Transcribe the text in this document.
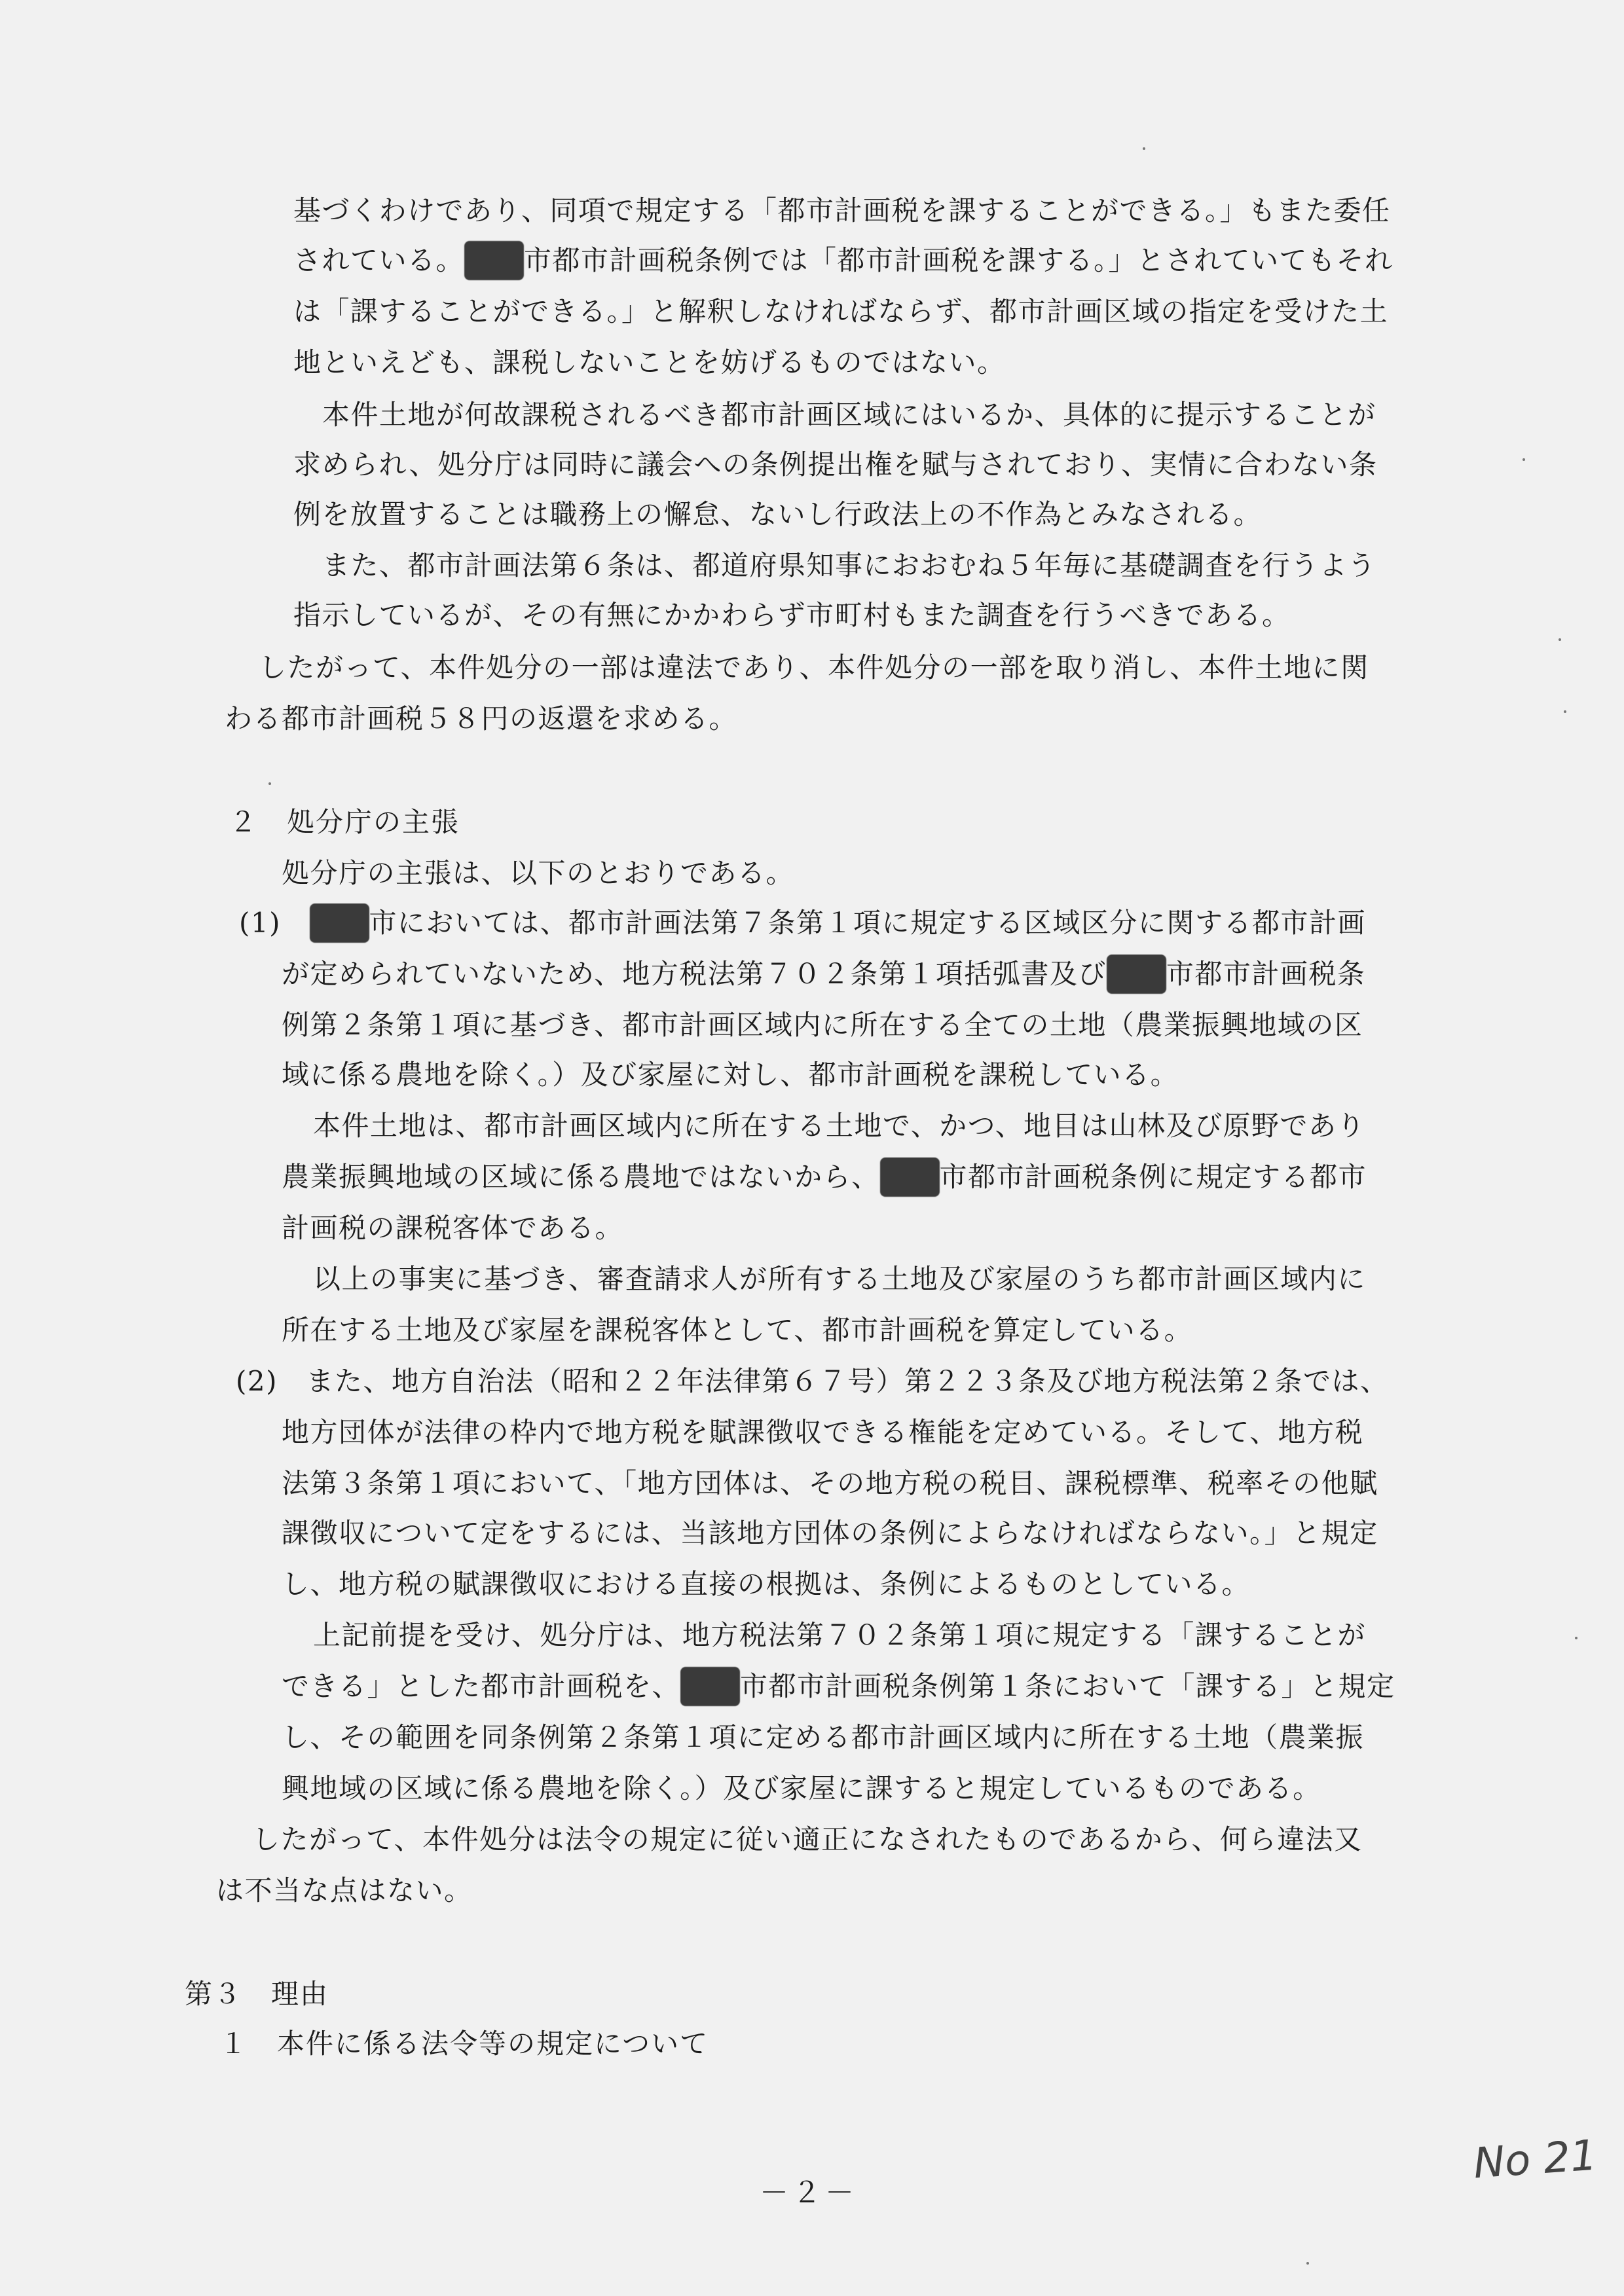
基づくわけであり、同項で規定する「都市計画税を課することができる。」もまた委任
されている。 市都市計画税条例では「都市計画税を課する。」とされていてもそれ
は「課することができる。」と解釈しなければならず、都市計画区域の指定を受けた土
地といえども、課税しないことを妨げるものではない。
本件土地が何故課税されるべき都市計画区域にはいるか、具体的に提示することが
求められ、処分庁は同時に議会への条例提出権を賦与されており、実情に合わない条
例を放置することは職務上の懈怠、ないし行政法上の不作為とみなされる。
また、都市計画法第６条は、都道府県知事におおむね５年毎に基礎調査を行うよう
指示しているが、その有無にかかわらず市町村もまた調査を行うべきである。
したがって、本件処分の一部は違法であり、本件処分の一部を取り消し、本件土地に関
わる都市計画税５８円の返還を求める。
２　処分庁の主張
処分庁の主張は、以下のとおりである。
(1)　市においては、都市計画法第７条第１項に規定する区域区分に関する都市計画
が定められていないため、地方税法第７０２条第１項括弧書及び 市都市計画税条
例第２条第１項に基づき、都市計画区域内に所在する全ての土地（農業振興地域の区
域に係る農地を除く。）及び家屋に対し、都市計画税を課税している。
本件土地は、都市計画区域内に所在する土地で、かつ、地目は山林及び原野であり
農業振興地域の区域に係る農地ではないから、 市都市計画税条例に規定する都市
計画税の課税客体である。
以上の事実に基づき、審査請求人が所有する土地及び家屋のうち都市計画区域内に
所在する土地及び家屋を課税客体として、都市計画税を算定している。
(2)　また、地方自治法（昭和２２年法律第６７号）第２２３条及び地方税法第２条では、
地方団体が法律の枠内で地方税を賦課徴収できる権能を定めている。そして、地方税
法第３条第１項において、「地方団体は、その地方税の税目、課税標準、税率その他賦
課徴収について定をするには、当該地方団体の条例によらなければならない。」と規定
し、地方税の賦課徴収における直接の根拠は、条例によるものとしている。
上記前提を受け、処分庁は、地方税法第７０２条第１項に規定する「課することが
できる」とした都市計画税を、 市都市計画税条例第１条において「課する」と規定
し、その範囲を同条例第２条第１項に定める都市計画区域内に所在する土地（農業振
興地域の区域に係る農地を除く。）及び家屋に課すると規定しているものである。
したがって、本件処分は法令の規定に従い適正になされたものであるから、何ら違法又
は不当な点はない。
第３　理由
１　本件に係る法令等の規定について
－２－
No 21
